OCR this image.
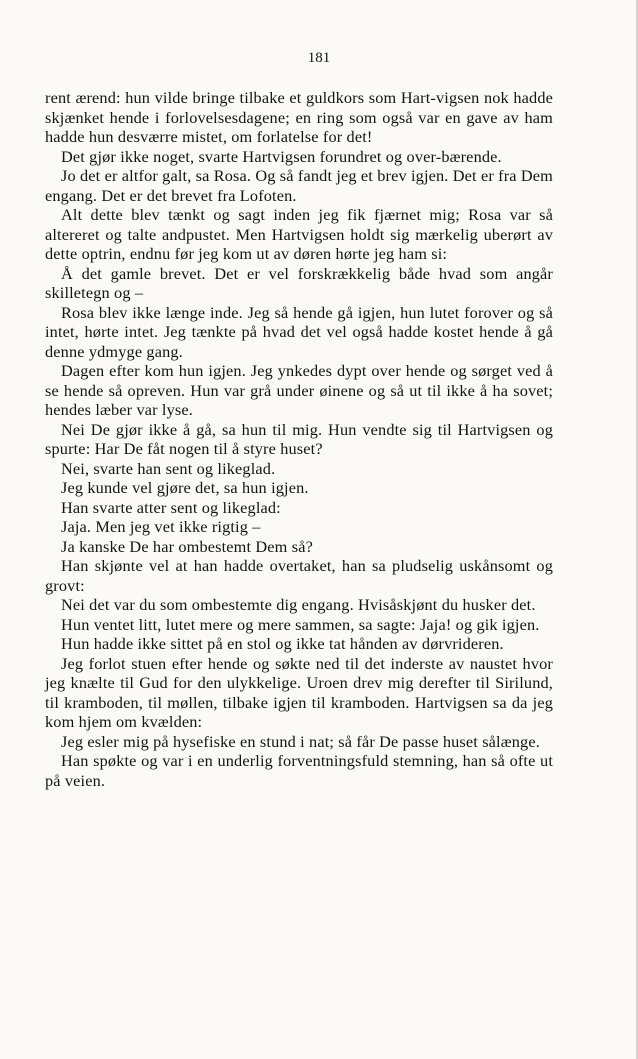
181

rent ærend: hun vilde bringe tilbake et guldkors som Hart-vigsen nok hadde skjænket hende i forlovelsesdagene; en ring som også var en gave av ham hadde hun desværre mistet, om forlatelse for det!

Det gjør ikke noget, svarte Hartvigsen forundret og over-bærende.

Jo det er altfor galt, sa Rosa. Og så fandt jeg et brev igjen. Det er fra Dem engang. Det er det brevet fra Lofoten.

Alt dette blev tænkt og sagt inden jeg fik fjærnet mig; Rosa var så altereret og talte andpustet. Men Hartvigsen holdt sig mærkelig uberørt av dette optrin, endnu før jeg kom ut av døren hørte jeg ham si:

Å det gamle brevet. Det er vel forskrækkelig både hvad som angår skilletegn og –

Rosa blev ikke længe inde. Jeg så hende gå igjen, hun lutet forover og så intet, hørte intet. Jeg tænkte på hvad det vel også hadde kostet hende å gå denne ydmyge gang.

Dagen efter kom hun igjen. Jeg ynkedes dypt over hende og sørget ved å se hende så opreven. Hun var grå under øinene og så ut til ikke å ha sovet; hendes læber var lyse.

Nei De gjør ikke å gå, sa hun til mig. Hun vendte sig til Hartvigsen og spurte: Har De fåt nogen til å styre huset?

Nei, svarte han sent og likeglad.

Jeg kunde vel gjøre det, sa hun igjen.

Han svarte atter sent og likeglad:

Jaja. Men jeg vet ikke rigtig –

Ja kanske De har ombestemt Dem så?

Han skjønte vel at han hadde overtaket, han sa pludselig uskånsomt og grovt:

Nei det var du som ombestemte dig engang. Hvisåskjønt du husker det.

Hun ventet litt, lutet mere og mere sammen, sa sagte: Jaja! og gik igjen.

Hun hadde ikke sittet på en stol og ikke tat hånden av dørvrideren.

Jeg forlot stuen efter hende og søkte ned til det inderste av naustet hvor jeg knælte til Gud for den ulykkelige. Uroen drev mig derefter til Sirilund, til kramboden, til møllen, tilbake igjen til kramboden. Hartvigsen sa da jeg kom hjem om kvælden:

Jeg esler mig på hysefiske en stund i nat; så får De passe huset sålænge.

Han spøkte og var i en underlig forventningsfuld stemning, han så ofte ut på veien.
